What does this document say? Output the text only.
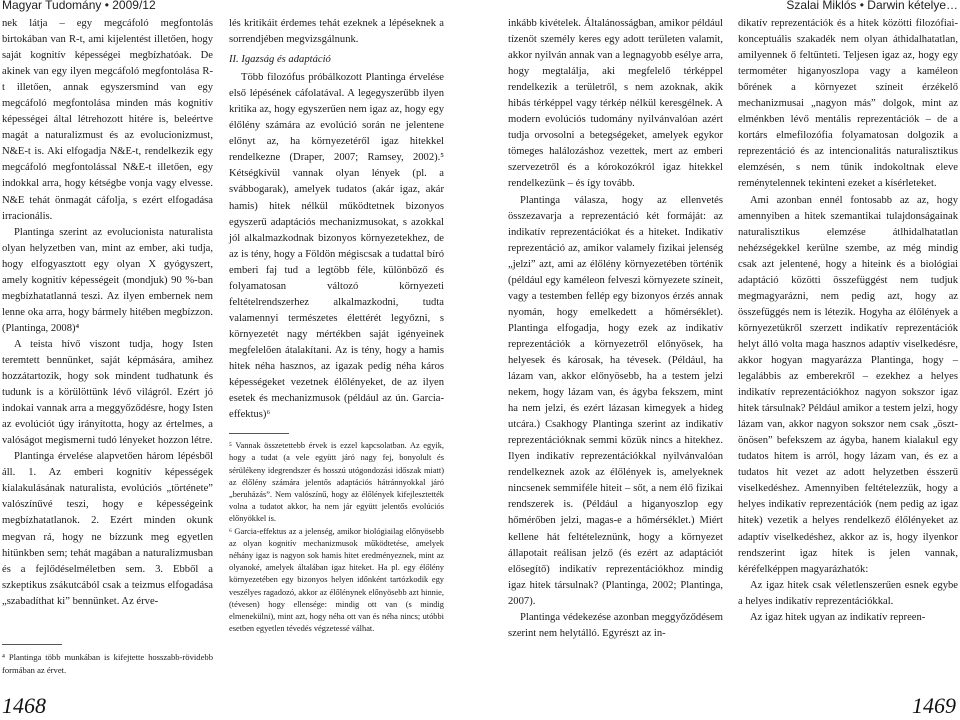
Magyar Tudomány • 2009/12	Szalai Miklós • Darwin kételye…

nek látja – egy megcáfoló megfontolás birtokában van R-t, ami kijelentést illetően, hogy saját kognitív képességei megbízhatóak. De akinek van egy ilyen megcáfoló megfontolása R-t illetően, annak egyszersmind van egy megcáfoló megfontolása minden más kognitív képességei által létrehozott hitére is, beleértve magát a naturalizmust és az evolucionizmust, N&E-t is. Aki elfogadja N&E-t, rendelkezik egy megcáfoló megfontolással N&E-t illetően, egy indokkal arra, hogy kétségbe vonja vagy elvesse. N&E tehát önmagát cáfolja, s ezért elfogadása irracionális.

Plantinga szerint az evolucionista naturalista olyan helyzetben van, mint az ember, aki tudja, hogy elfogyasztott egy olyan X gyógyszert, amely kognitív képességeit (mondjuk) 90 %-ban megbízhatatlanná teszi. Az ilyen embernek nem lenne oka arra, hogy bármely hitében megbízzon. (Plantinga, 2008)⁴

A teista hívő viszont tudja, hogy Isten teremtett bennünket, saját képmására, amihez hozzátartozik, hogy sok mindent tudhatunk és tudunk is a körülöttünk lévő világról. Ezért jó indokai vannak arra a meggyőződésre, hogy Isten az evolúciót úgy irányította, hogy az értelmes, a valóságot megismerni tudó lényeket hozzon létre.

Plantinga érvelése alapvetően három lépésből áll. 1. Az emberi kognitív képességek kialakulásának naturalista, evolúciós „története” valószínűvé teszi, hogy e képességeink megbízhatatlanok. 2. Ezért minden okunk megvan rá, hogy ne bízzunk meg egyetlen hitünkben sem; tehát magában a naturalizmusban és a fejlődéselméletben sem. 3. Ebből a szkeptikus zsákutcából csak a teizmus elfogadása „szabadíthat ki” bennünket. Az érve-

⁴ Plantinga több munkában is kifejtette hosszabb-rövidebb formában az érvet.

lés kritikáit érdemes tehát ezeknek a lépéseknek a sorrendjében megvizsgálnunk.

II. Igazság és adaptáció

Több filozófus próbálkozott Plantinga érvelése első lépésének cáfolatával. A legegyszerűbb ilyen kritika az, hogy egyszerűen nem igaz az, hogy egy élőlény számára az evolúció során ne jelentene előnyt az, ha környezetéről igaz hitekkel rendelkezne (Draper, 2007; Ramsey, 2002).⁵ Kétségkívül vannak olyan lények (pl. a svábbogarak), amelyek tudatos (akár igaz, akár hamis) hitek nélkül működtetnek bizonyos egyszerű adaptációs mechanizmusokat, s azokkal jól alkalmazkodnak bizonyos környezetekhez, de az is tény, hogy a Földön mégiscsak a tudattal bíró emberi faj tud a legtöbb féle, különböző és folyamatosan változó környezeti feltételrendszerhez alkalmazkodni, tudta valamennyi természetes élettérét legyőzni, s környezetét nagy mértékben saját igényeinek megfelelően átalakítani. Az is tény, hogy a hamis hitek néha hasznos, az igazak pedig néha káros képességeket vezetnek élőlényeket, de az ilyen esetek és mechanizmusok (például az ún. Garcia-effektus)⁶

⁵ Vannak összetettebb érvek is ezzel kapcsolatban. Az egyik, hogy a tudat (a vele együtt járó nagy fej, bonyolult és sérülékeny idegrendszer és hosszú utógondozási időszak miatt) az élőlény számára jelentős adaptációs hátránnyokkal járó „beruházás”. Nem valószínű, hogy az élőlények kifejlesztették volna a tudatot akkor, ha nem jár együtt jelentős evolúciós előnyökkel is.

⁶ Garcia-effektus az a jelenség, amikor biológiailag előnyösebb az olyan kognitív mechanizmusok működtetése, amelyek néhány igaz is nagyon sok hamis hitet eredményeznek, mint az olyanoké, amelyek általában igaz hiteket. Ha pl. egy élőlény környezetében egy bizonyos helyen időnként tartózkodik egy veszélyes ragadozó, akkor az élőlénynek előnyösebb azt hinnie, (tévesen) hogy ellensége: mindig ott van (s mindig elmenekülni), mint azt, hogy néha ott van és néha nincs; utóbbi esetben egyetlen tévedés végzetessé válhat.

inkább kivételek. Általánosságban, amikor például tízenöt személy keres egy adott területen valamit, akkor nyilván annak van a legnagyobb esélye arra, hogy megtalálja, aki megfelelő térképpel rendelkezik a területről, s nem azoknak, akik hibás térképpel vagy térkép nélkül keresgélnek. A modern evolúciós tudomány nyilvánvalóan azért tudja orvosolni a betegségeket, amelyek egykor tömeges halálozáshoz vezettek, mert az emberi szervezetről és a kórokozókról igaz hitekkel rendelkezünk – és így tovább.

Plantinga válasza, hogy az ellenvetés összezavarja a reprezentáció két formáját: az indikatív reprezentációkat és a hiteket. Indikatív reprezentáció az, amikor valamely fizikai jelenség „jelzi” azt, ami az élőlény környezetében történik (például egy kaméleon felveszi környezete színeit, vagy a testemben fellép egy bizonyos érzés annak nyomán, hogy emelkedett a hőmérséklet). Plantinga elfogadja, hogy ezek az indikatív reprezentációk a környezetről előnyösek, ha helyesek és károsak, ha tévesek. (Például, ha lázam van, akkor előnyösebb, ha a testem jelzi nekem, hogy lázam van, és ágyba fekszem, mint ha nem jelzi, és ezért lázasan kimegyek a hideg utcára.) Csakhogy Plantinga szerint az indikatív reprezentációknak semmi közük nincs a hitekhez. Ilyen indikatív reprezentációkkal nyilvánvalóan rendelkeznek azok az élőlények is, amelyeknek nincsenek semmiféle hiteit – sőt, a nem élő fizikai rendszerek is. (Például a higanyoszlop egy hőmérőben jelzi, magas-e a hőmérséklet.) Miért kellene hát feltételeznünk, hogy a környezet állapotait reálisan jelző (és ezért az adaptációt elősegítő) indikatív reprezentációkhoz mindig igaz hitek társulnak? (Plantinga, 2002; Plantinga, 2007).

Plantinga védekezése azonban meggyőződésem szerint nem helytálló. Egyrészt az in-

dikatív reprezentációk és a hitek közötti filozófiai-konceptuális szakadék nem olyan áthidalhatatlan, amilyennek ő feltünteti. Teljesen igaz az, hogy egy termométer higanyoszlopa vagy a kaméleon bőrének a környezet színeit érzékelő mechanizmusai „nagyon más” dolgok, mint az elménkben lévő mentális reprezentációk – de a kortárs elmefilozófia folyamatosan dolgozik a reprezentáció és az intencionalitás naturalisztikus elemzésén, s nem tűnik indokoltnak eleve reménytelennek tekinteni ezeket a kísérleteket.

Ami azonban ennél fontosabb az az, hogy amennyiben a hitek szemantikai tulajdonságainak naturalisztikus elemzése átlhidalhatatlan nehézségekkel kerülne szembe, az még mindig csak azt jelentené, hogy a hiteink és a biológiai adaptáció közötti összefüggést nem tudjuk megmagyarázni, nem pedig azt, hogy az összefüggés nem is létezik. Hogyha az élőlények a környezetükről szerzett indikatív reprezentációk helyt álló volta maga hasznos adaptív viselkedésre, akkor hogyan magyarázza Plantinga, hogy – legalábbis az emberekről – ezekhez a helyes indikatív reprezentációkhoz nagyon sokszor igaz hitek társulnak? Például amikor a testem jelzi, hogy lázam van, akkor nagyon sokszor nem csak „öszt-önösen” befekszem az ágyba, hanem kialakul egy tudatos hitem is arról, hogy lázam van, és ez a tudatos hit vezet az adott helyzetben ésszerű viselkedéshez. Amennyiben feltételezzük, hogy a helyes indikatív reprezentációk (nem pedig az igaz hitek) vezetik a helyes rendelkező élőlényeket az adaptív viselkedéshez, akkor az is, hogy ilyenkor rendszerint igaz hitek is jelen vannak, kéréfelképpen magyarázhatók:

Az igaz hitek csak véletlenszerűen esnek egybe a helyes indikatív reprezentációkkal.

Az igaz hitek ugyan az indikatív repreen-

1468	1469
